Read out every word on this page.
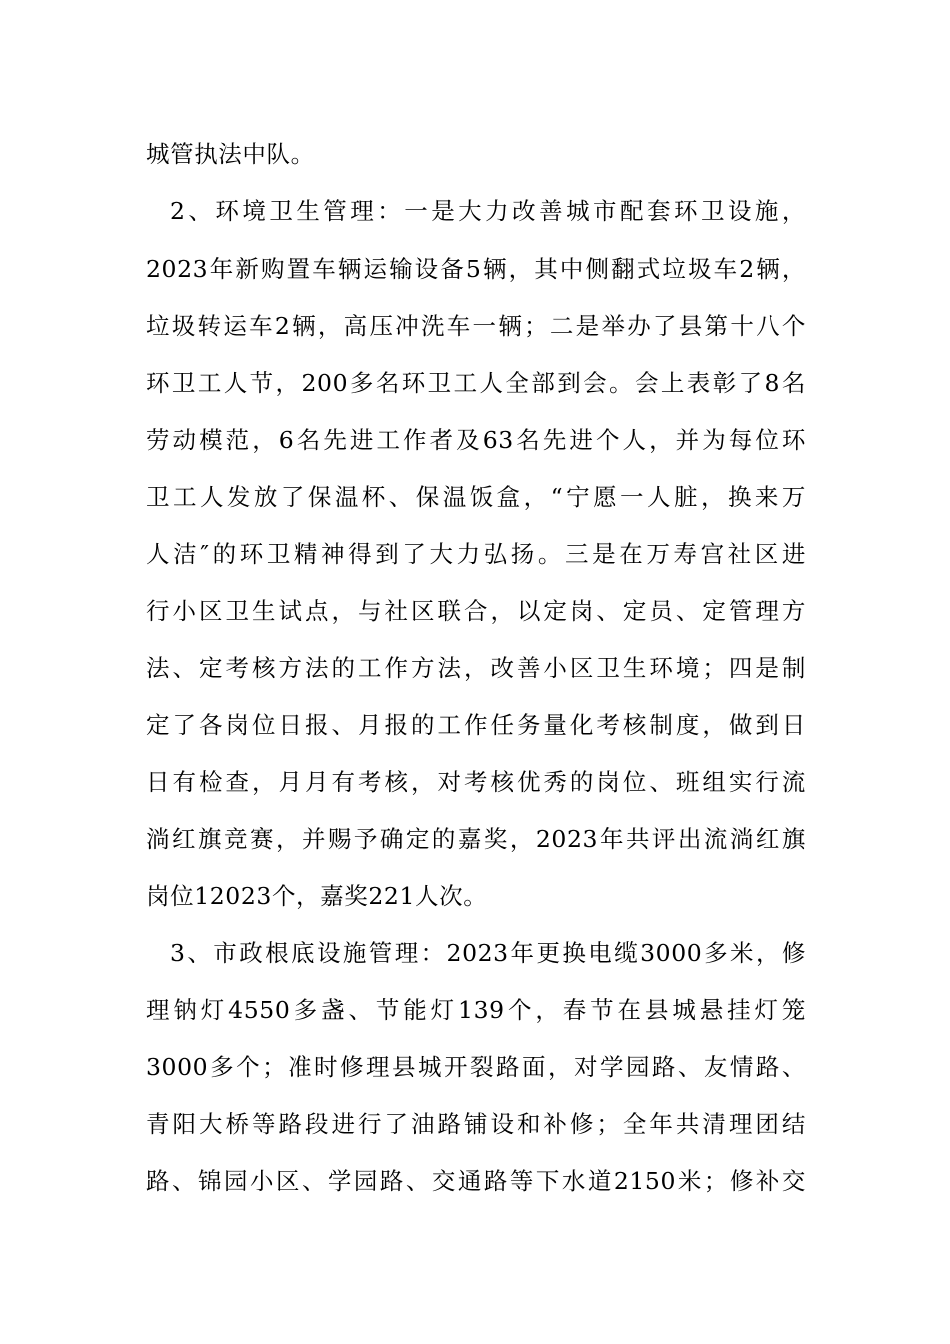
城管执法中队。
2、环境卫生管理：一是大力改善城市配套环卫设施，
2023年新购置车辆运输设备5辆，其中侧翻式垃圾车2辆，
垃圾转运车2辆，高压冲洗车一辆；二是举办了县第十八个
环卫工人节，200多名环卫工人全部到会。会上表彰了8名
劳动模范，6名先进工作者及63名先进个人，并为每位环
卫工人发放了保温杯、保温饭盒，“宁愿一人脏，换来万
人洁″的环卫精神得到了大力弘扬。三是在万寿宫社区进
行小区卫生试点，与社区联合，以定岗、定员、定管理方
法、定考核方法的工作方法，改善小区卫生环境；四是制
定了各岗位日报、月报的工作任务量化考核制度，做到日
日有检查，月月有考核，对考核优秀的岗位、班组实行流
淌红旗竞赛，并赐予确定的嘉奖，2023年共评出流淌红旗
岗位12023个，嘉奖221人次。
3、市政根底设施管理：2023年更换电缆3000多米，修
理钠灯4550多盏、节能灯139个，春节在县城悬挂灯笼
3000多个；准时修理县城开裂路面，对学园路、友情路、
青阳大桥等路段进行了油路铺设和补修；全年共清理团结
路、锦园小区、学园路、交通路等下水道2150米；修补交
